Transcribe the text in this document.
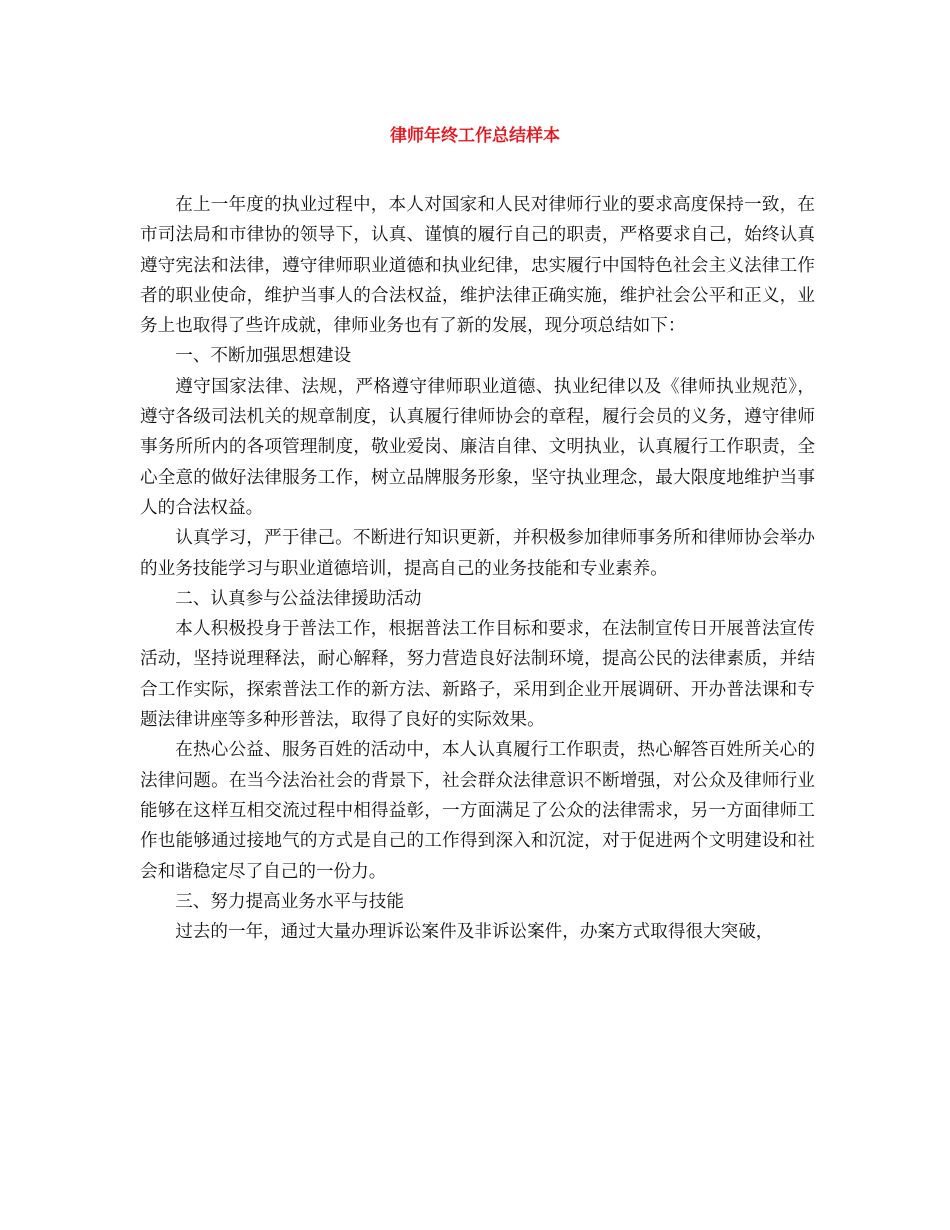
律师年终工作总结样本

在上一年度的执业过程中，本人对国家和人民对律师行业的要求高度保持一致，在市司法局和市律协的领导下，认真、谨慎的履行自己的职责，严格要求自己，始终认真遵守宪法和法律，遵守律师职业道德和执业纪律，忠实履行中国特色社会主义法律工作者的职业使命，维护当事人的合法权益，维护法律正确实施，维护社会公平和正义，业务上也取得了些许成就，律师业务也有了新的发展，现分项总结如下：

一、不断加强思想建设

遵守国家法律、法规，严格遵守律师职业道德、执业纪律以及《律师执业规范》，遵守各级司法机关的规章制度，认真履行律师协会的章程，履行会员的义务，遵守律师事务所所内的各项管理制度，敬业爱岗、廉洁自律、文明执业，认真履行工作职责，全心全意的做好法律服务工作，树立品牌服务形象，坚守执业理念，最大限度地维护当事人的合法权益。

认真学习，严于律己。不断进行知识更新，并积极参加律师事务所和律师协会举办的业务技能学习与职业道德培训，提高自己的业务技能和专业素养。

二、认真参与公益法律援助活动

本人积极投身于普法工作，根据普法工作目标和要求，在法制宣传日开展普法宣传活动，坚持说理释法，耐心解释，努力营造良好法制环境，提高公民的法律素质，并结合工作实际，探索普法工作的新方法、新路子，采用到企业开展调研、开办普法课和专题法律讲座等多种形普法，取得了良好的实际效果。

在热心公益、服务百姓的活动中，本人认真履行工作职责，热心解答百姓所关心的法律问题。在当今法治社会的背景下，社会群众法律意识不断增强，对公众及律师行业能够在这样互相交流过程中相得益彰，一方面满足了公众的法律需求，另一方面律师工作也能够通过接地气的方式是自己的工作得到深入和沉淀，对于促进两个文明建设和社会和谐稳定尽了自己的一份力。

三、努力提高业务水平与技能

过去的一年，通过大量办理诉讼案件及非诉讼案件，办案方式取得很大突破，
